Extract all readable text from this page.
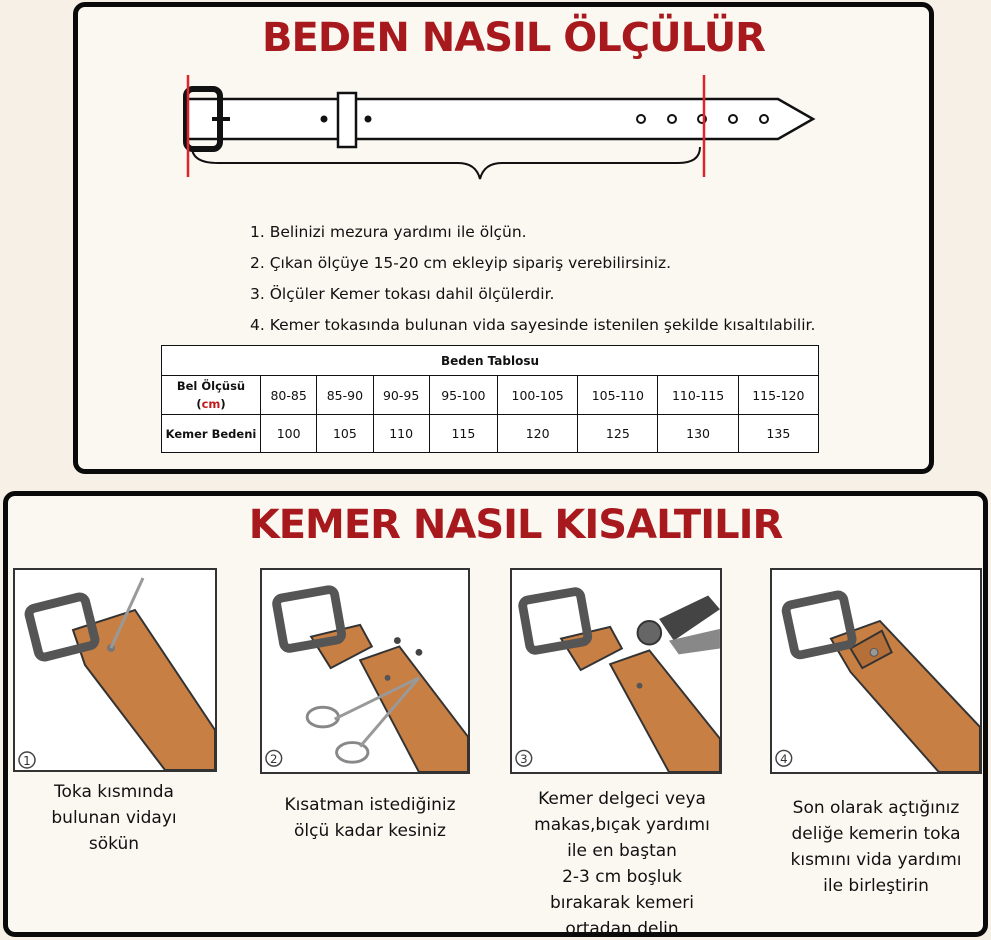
BEDEN NASIL ÖLÇÜLÜR
1. Belinizi mezura yardımı ile ölçün.
2. Çıkan ölçüye 15-20 cm ekleyip sipariş verebilirsiniz.
3. Ölçüler Kemer tokası dahil ölçülerdir.
4. Kemer tokasında bulunan vida sayesinde istenilen şekilde kısaltılabilir.
Beden Tablosu								
Bel Ölçüsü
(cm)	80-85	85-90	90-95	95-100	100-105	105-110	110-115	115-120
Kemer Bedeni	100	105	110	115	120	125	130	135
KEMER NASIL KISALTILIR
1
Toka kısmında
bulunan vidayı
sökün
2
Kısatman istediğiniz
ölçü kadar kesiniz
3
Kemer delgeci veya
makas,bıçak yardımı
ile en baştan
2-3 cm boşluk
bırakarak kemeri
ortadan delin
4
Son olarak açtığınız
deliğe kemerin toka
kısmını vida yardımı
ile birleştirin
